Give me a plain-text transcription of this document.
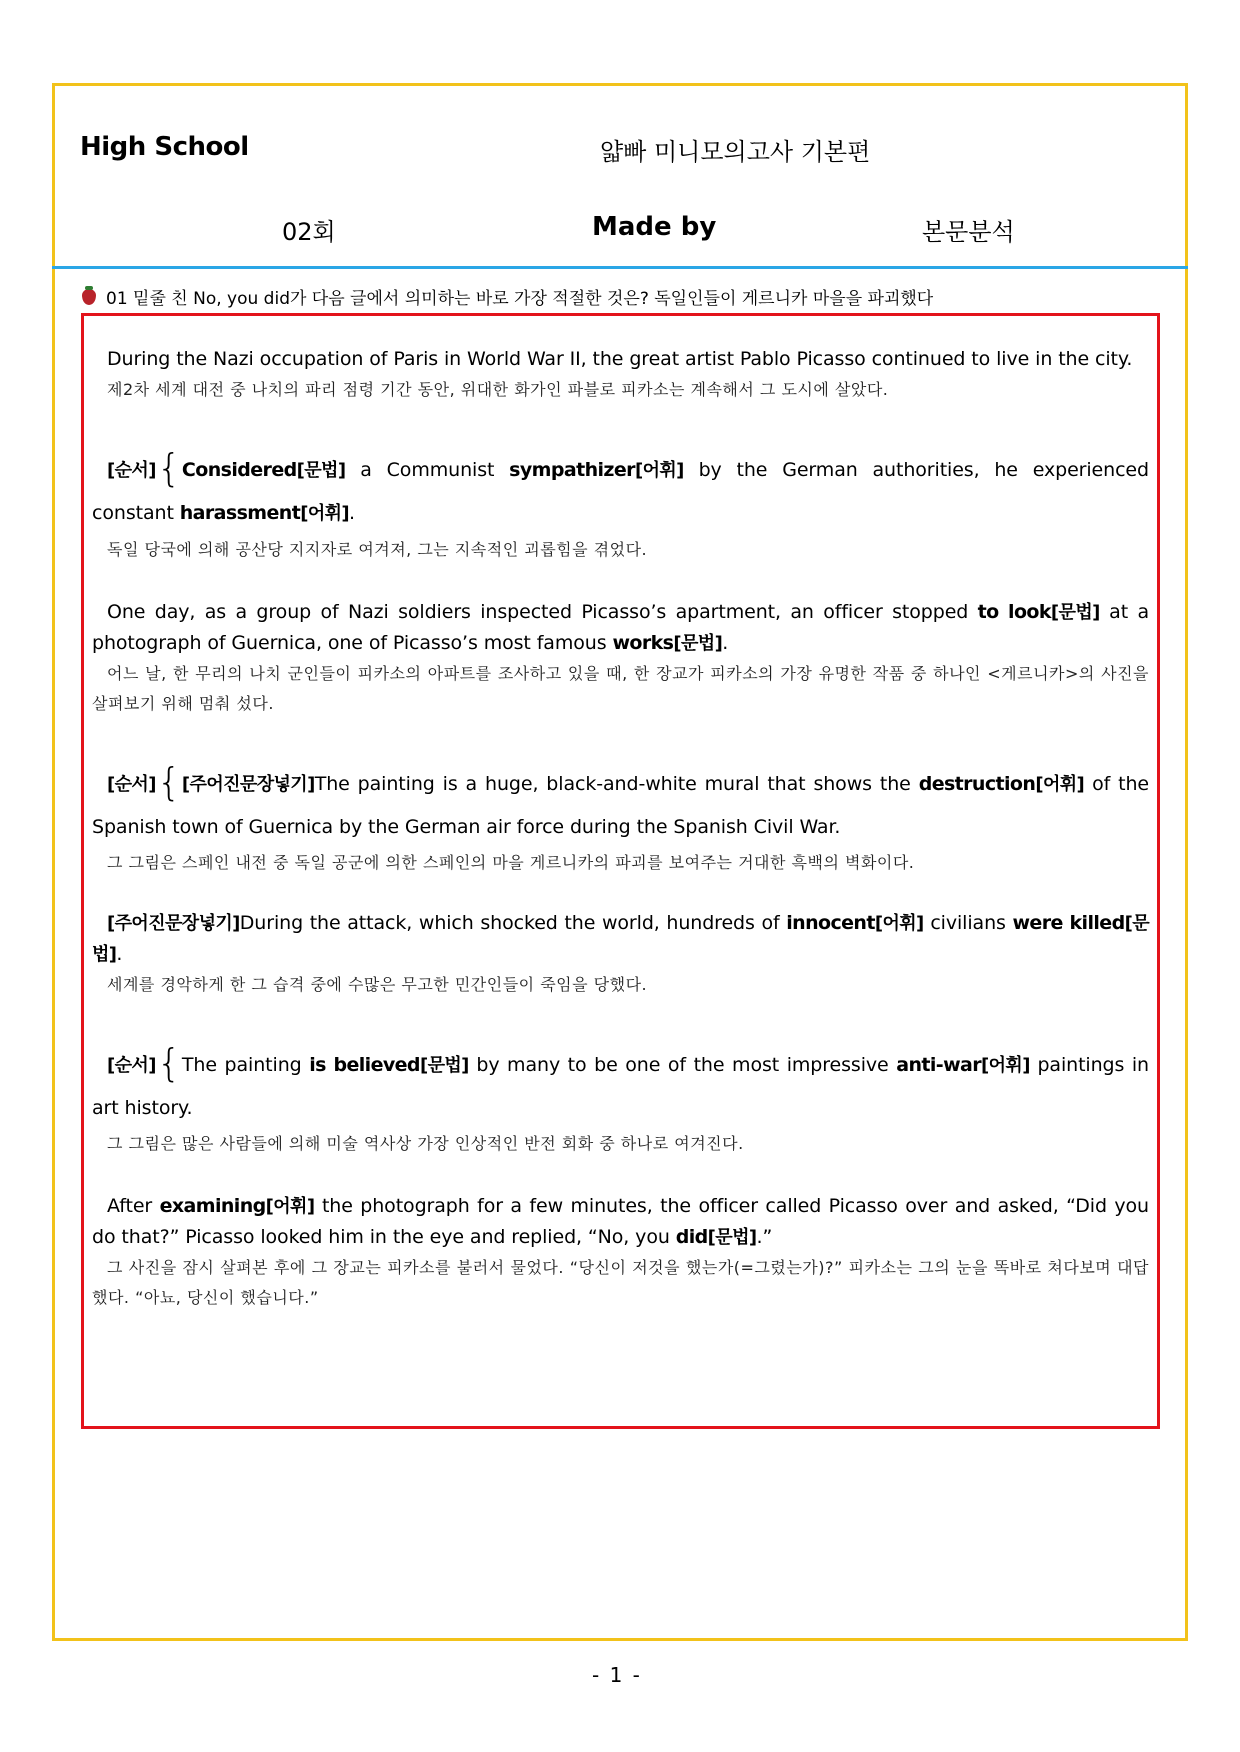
High School	얇빠 미니모의고사 기본편
02회	Made by	본문분석
01 밑줄 친 No, you did가 다음 글에서 의미하는 바로 가장 적절한 것은? 독일인들이 게르니카 마을을 파괴했다

During the Nazi occupation of Paris in World War II, the great artist Pablo Picasso continued to live in the city.

제2차 세계 대전 중 나치의 파리 점령 기간 동안, 위대한 화가인 파블로 피카소는 계속해서 그 도시에 살았다.

[순서]{Considered[문법] a Communist sympathizer[어휘] by the German authorities, he experienced constant harassment[어휘].

독일 당국에 의해 공산당 지지자로 여겨져, 그는 지속적인 괴롭힘을 겪었다.

One day, as a group of Nazi soldiers inspected Picasso’s apartment, an officer stopped to look[문법] at a photograph of Guernica, one of Picasso’s most famous works[문법].

어느 날, 한 무리의 나치 군인들이 피카소의 아파트를 조사하고 있을 때, 한 장교가 피카소의 가장 유명한 작품 중 하나인 <게르니카>의 사진을 살펴보기 위해 멈춰 섰다.

[순서]{[주어진문장넣기]The painting is a huge, black-and-white mural that shows the destruction[어휘] of the Spanish town of Guernica by the German air force during the Spanish Civil War.

그 그림은 스페인 내전 중 독일 공군에 의한 스페인의 마을 게르니카의 파괴를 보여주는 거대한 흑백의 벽화이다.

[주어진문장넣기]During the attack, which shocked the world, hundreds of innocent[어휘] civilians were killed[문법].

세계를 경악하게 한 그 습격 중에 수많은 무고한 민간인들이 죽임을 당했다.

[순서]{The painting is believed[문법] by many to be one of the most impressive anti-war[어휘] paintings in art history.

그 그림은 많은 사람들에 의해 미술 역사상 가장 인상적인 반전 회화 중 하나로 여겨진다.

After examining[어휘] the photograph for a few minutes, the officer called Picasso over and asked, “Did you do that?” Picasso looked him in the eye and replied, “No, you did[문법].”

그 사진을 잠시 살펴본 후에 그 장교는 피카소를 불러서 물었다. “당신이 저것을 했는가(=그렸는가)?” 피카소는 그의 눈을 똑바로 쳐다보며 대답했다. “아뇨, 당신이 했습니다.”

- 1 -
